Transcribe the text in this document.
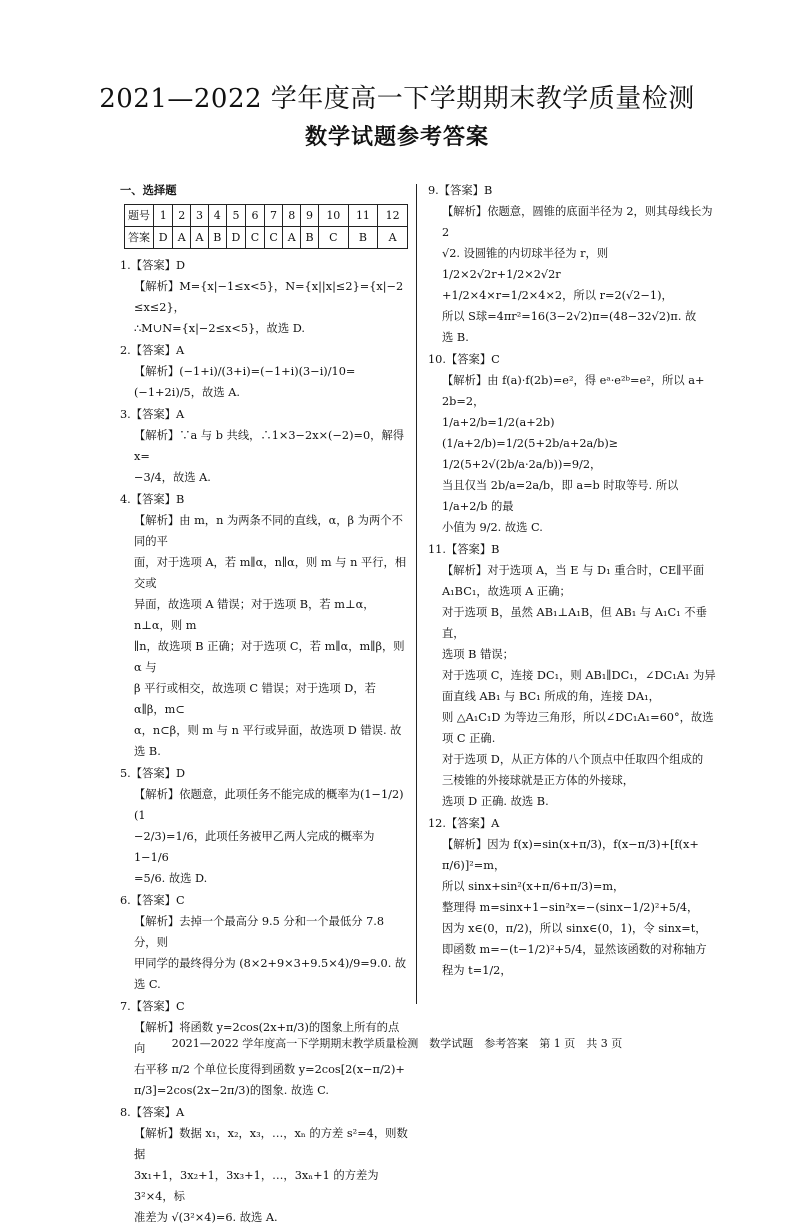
2021—2022 学年度高一下学期期末教学质量检测
数学试题参考答案
一、选择题
题号	1	2	3	4	5	6	7	8	9	10	11	12
答案	D	A	A	B	D	C	C	A	B	C	B	A
1.【答案】D
【解析】M={x|−1≤x<5}，N={x||x|≤2}={x|−2
≤x≤2}，
∴M∪N={x|−2≤x<5}，故选 D.
2.【答案】A
【解析】(−1+i)/(3+i)=(−1+i)(3−i)/10=(−1+2i)/5，故选 A.
3.【答案】A
【解析】∵a 与 b 共线，∴1×3−2x×(−2)=0，解得 x=
−3/4，故选 A.
4.【答案】B
【解析】由 m，n 为两条不同的直线，α，β 为两个不同的平
面，对于选项 A，若 m∥α，n∥α，则 m 与 n 平行，相交或
异面，故选项 A 错误；对于选项 B，若 m⊥α，n⊥α，则 m
∥n，故选项 B 正确；对于选项 C，若 m∥α，m∥β，则 α 与
β 平行或相交，故选项 C 错误；对于选项 D，若 α∥β，m⊂
α，n⊂β，则 m 与 n 平行或异面，故选项 D 错误. 故选 B.
5.【答案】D
【解析】依题意，此项任务不能完成的概率为(1−1/2)(1
−2/3)=1/6，此项任务被甲乙两人完成的概率为 1−1/6
=5/6. 故选 D.
6.【答案】C
【解析】去掉一个最高分 9.5 分和一个最低分 7.8 分，则
甲同学的最终得分为 (8×2+9×3+9.5×4)/9=9.0. 故
选 C.
7.【答案】C
【解析】将函数 y=2cos(2x+π/3)的图象上所有的点向
右平移 π/2 个单位长度得到函数 y=2cos[2(x−π/2)+
π/3]=2cos(2x−2π/3)的图象. 故选 C.
8.【答案】A
【解析】数据 x₁，x₂，x₃，…，xₙ 的方差 s²=4，则数据
3x₁+1，3x₂+1，3x₃+1，…，3xₙ+1 的方差为 3²×4，标
准差为 √(3²×4)=6. 故选 A.
9.【答案】B
【解析】依题意，圆锥的底面半径为 2，则其母线长为 2
√2. 设圆锥的内切球半径为 r，则 1/2×2√2r+1/2×2√2r
+1/2×4×r=1/2×4×2，所以 r=2(√2−1)，
所以 S球=4πr²=16(3−2√2)π=(48−32√2)π. 故
选 B.
10.【答案】C
【解析】由 f(a)·f(2b)=e²，得 eᵃ·e²ᵇ=e²，所以 a+
2b=2，
1/a+2/b=1/2(a+2b)(1/a+2/b)=1/2(5+2b/a+2a/b)≥
1/2(5+2√(2b/a·2a/b))=9/2，
当且仅当 2b/a=2a/b，即 a=b 时取等号. 所以 1/a+2/b 的最
小值为 9/2. 故选 C.
11.【答案】B
【解析】对于选项 A，当 E 与 D₁ 重合时，CE∥平面
A₁BC₁，故选项 A 正确；
对于选项 B，虽然 AB₁⊥A₁B，但 AB₁ 与 A₁C₁ 不垂直，
选项 B 错误；
对于选项 C，连接 DC₁，则 AB₁∥DC₁，∠DC₁A₁ 为异
面直线 AB₁ 与 BC₁ 所成的角，连接 DA₁，
则 △A₁C₁D 为等边三角形，所以∠DC₁A₁=60°，故选
项 C 正确.
对于选项 D，从正方体的八个顶点中任取四个组成的
三棱锥的外接球就是正方体的外接球，
选项 D 正确. 故选 B.
12.【答案】A
【解析】因为 f(x)=sin(x+π/3)，f(x−π/3)+[f(x+
π/6)]²=m，
所以 sinx+sin²(x+π/6+π/3)=m，
整理得 m=sinx+1−sin²x=−(sinx−1/2)²+5/4，
因为 x∈(0，π/2)，所以 sinx∈(0，1)，令 sinx=t，
即函数 m=−(t−1/2)²+5/4，显然该函数的对称轴方
程为 t=1/2，
2021—2022 学年度高一下学期期末教学质量检测　数学试题　参考答案　第 1 页　共 3 页
